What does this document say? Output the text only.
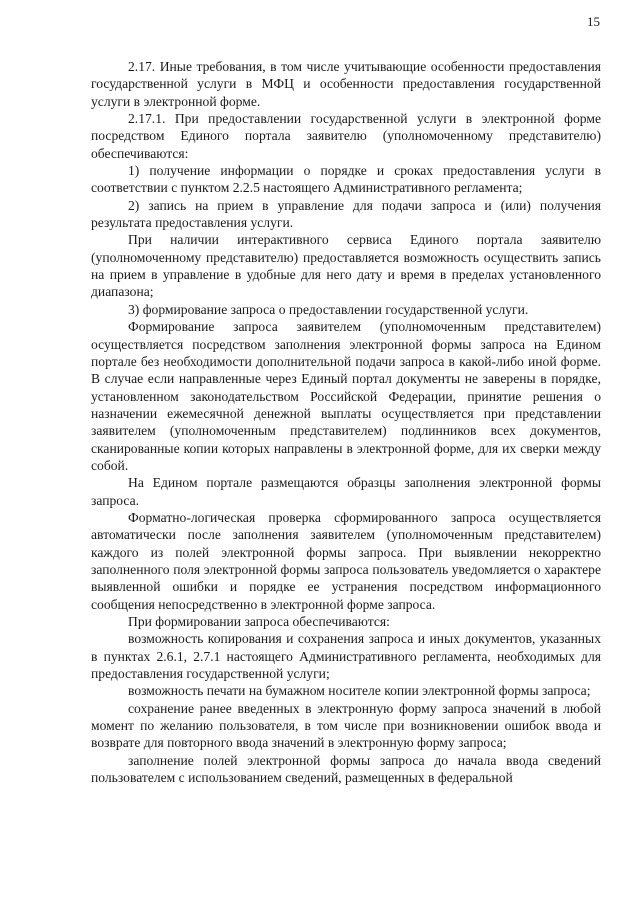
15

2.17. Иные требования, в том числе учитывающие особенности предоставления государственной услуги в МФЦ и особенности предоставления государственной услуги в электронной форме.

2.17.1. При предоставлении государственной услуги в электронной форме посредством Единого портала заявителю (уполномоченному представителю) обеспечиваются:

1) получение информации о порядке и сроках предоставления услуги в соответствии с пунктом 2.2.5 настоящего Административного регламента;

2) запись на прием в управление для подачи запроса и (или) получения результата предоставления услуги.

При наличии интерактивного сервиса Единого портала заявителю (уполномоченному представителю) предоставляется возможность осуществить запись на прием в управление в удобные для него дату и время в пределах установленного диапазона;

3) формирование запроса о предоставлении государственной услуги.

Формирование запроса заявителем (уполномоченным представителем) осуществляется посредством заполнения электронной формы запроса на Едином портале без необходимости дополнительной подачи запроса в какой-либо иной форме. В случае если направленные через Единый портал документы не заверены в порядке, установленном законодательством Российской Федерации, принятие решения о назначении ежемесячной денежной выплаты осуществляется при представлении заявителем (уполномоченным представителем) подлинников всех документов, сканированные копии которых направлены в электронной форме, для их сверки между собой.

На Едином портале размещаются образцы заполнения электронной формы запроса.

Форматно-логическая проверка сформированного запроса осуществляется автоматически после заполнения заявителем (уполномоченным представителем) каждого из полей электронной формы запроса. При выявлении некорректно заполненного поля электронной формы запроса пользователь уведомляется о характере выявленной ошибки и порядке ее устранения посредством информационного сообщения непосредственно в электронной форме запроса.

При формировании запроса обеспечиваются:

возможность копирования и сохранения запроса и иных документов, указанных в пунктах 2.6.1, 2.7.1 настоящего Административного регламента, необходимых для предоставления государственной услуги;

возможность печати на бумажном носителе копии электронной формы запроса;

сохранение ранее введенных в электронную форму запроса значений в любой момент по желанию пользователя, в том числе при возникновении ошибок ввода и возврате для повторного ввода значений в электронную форму запроса;

заполнение полей электронной формы запроса до начала ввода сведений пользователем с использованием сведений, размещенных в федеральной
